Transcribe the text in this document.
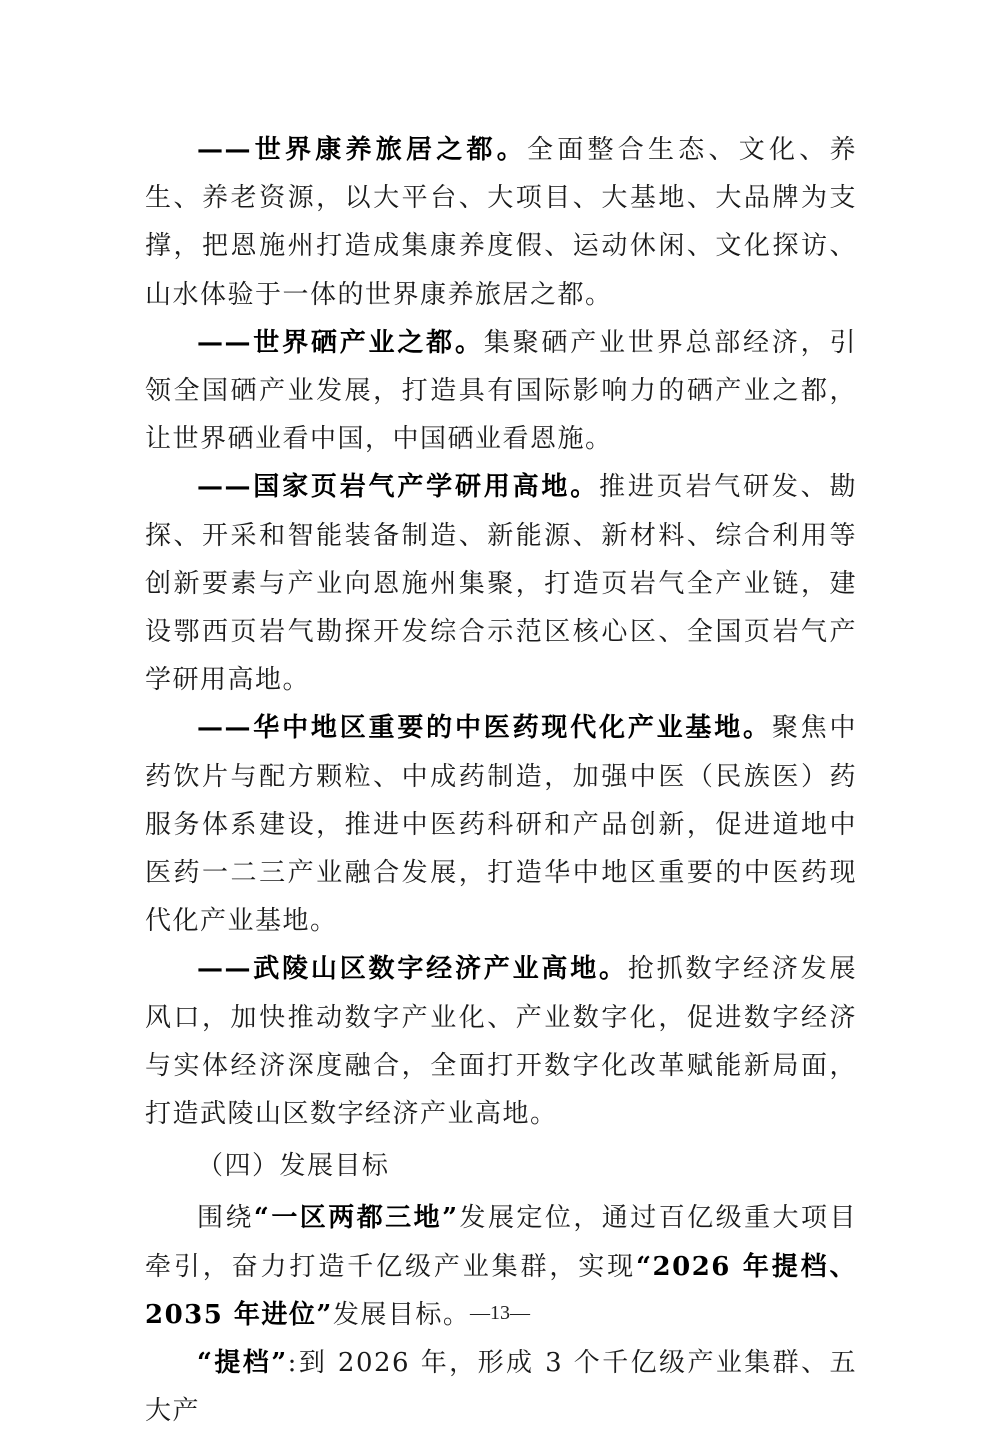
——世界康养旅居之都。全面整合生态、文化、养生、养老资源，以大平台、大项目、大基地、大品牌为支撑，把恩施州打造成集康养度假、运动休闲、文化探访、山水体验于一体的世界康养旅居之都。

——世界硒产业之都。集聚硒产业世界总部经济，引领全国硒产业发展，打造具有国际影响力的硒产业之都，让世界硒业看中国，中国硒业看恩施。

——国家页岩气产学研用高地。推进页岩气研发、勘探、开采和智能装备制造、新能源、新材料、综合利用等创新要素与产业向恩施州集聚，打造页岩气全产业链，建设鄂西页岩气勘探开发综合示范区核心区、全国页岩气产学研用高地。

——华中地区重要的中医药现代化产业基地。聚焦中药饮片与配方颗粒、中成药制造，加强中医（民族医）药服务体系建设，推进中医药科研和产品创新，促进道地中医药一二三产业融合发展，打造华中地区重要的中医药现代化产业基地。

——武陵山区数字经济产业高地。抢抓数字经济发展风口，加快推动数字产业化、产业数字化，促进数字经济与实体经济深度融合，全面打开数字化改革赋能新局面，打造武陵山区数字经济产业高地。

（四）发展目标

围绕“一区两都三地”发展定位，通过百亿级重大项目牵引，奋力打造千亿级产业集群，实现“2026 年提档、2035 年进位”发展目标。

“提档”:到 2026 年，形成 3 个千亿级产业集群、五大产

—13—
